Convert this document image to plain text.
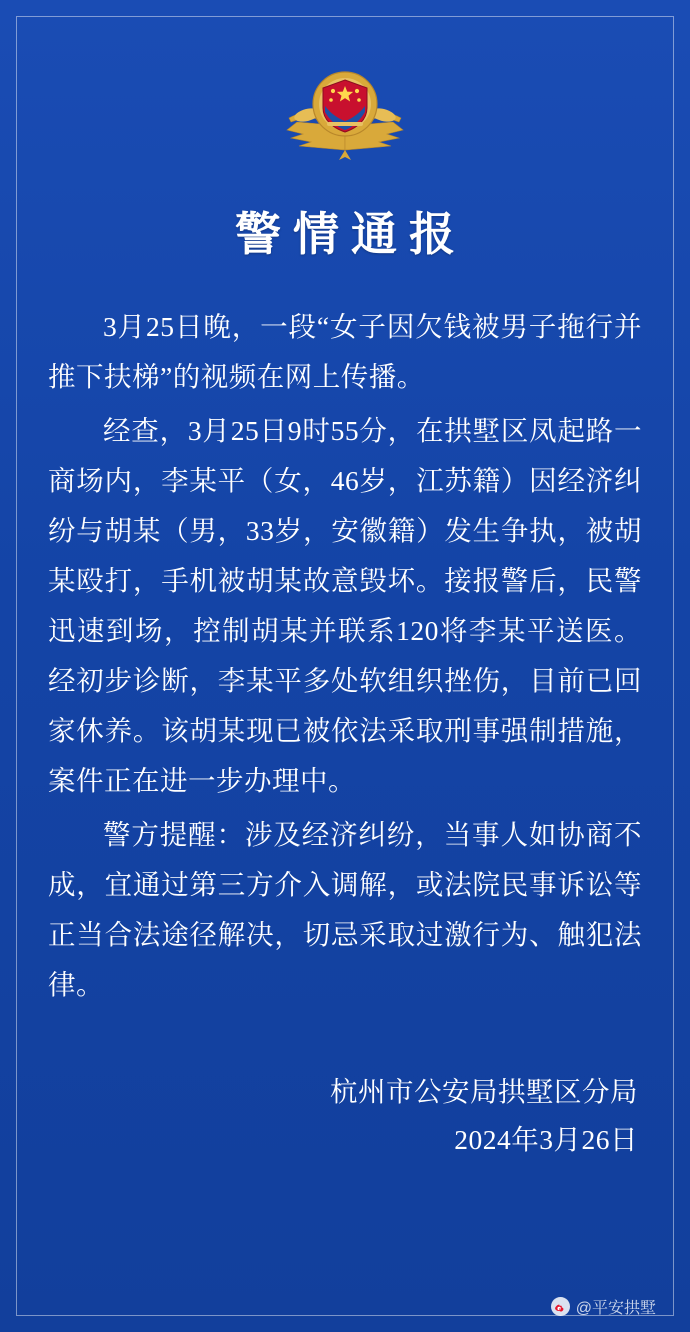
警情通报

3月25日晚，一段“女子因欠钱被男子拖行并推下扶梯”的视频在网上传播。

经查，3月25日9时55分，在拱墅区凤起路一商场内，李某平（女，46岁，江苏籍）因经济纠纷与胡某（男，33岁，安徽籍）发生争执，被胡某殴打，手机被胡某故意毁坏。接报警后，民警迅速到场，控制胡某并联系120将李某平送医。经初步诊断，李某平多处软组织挫伤，目前已回家休养。该胡某现已被依法采取刑事强制措施，案件正在进一步办理中。

警方提醒：涉及经济纠纷，当事人如协商不成，宜通过第三方介入调解，或法院民事诉讼等正当合法途径解决，切忌采取过激行为、触犯法律。

杭州市公安局拱墅区分局
2024年3月26日
@平安拱墅
